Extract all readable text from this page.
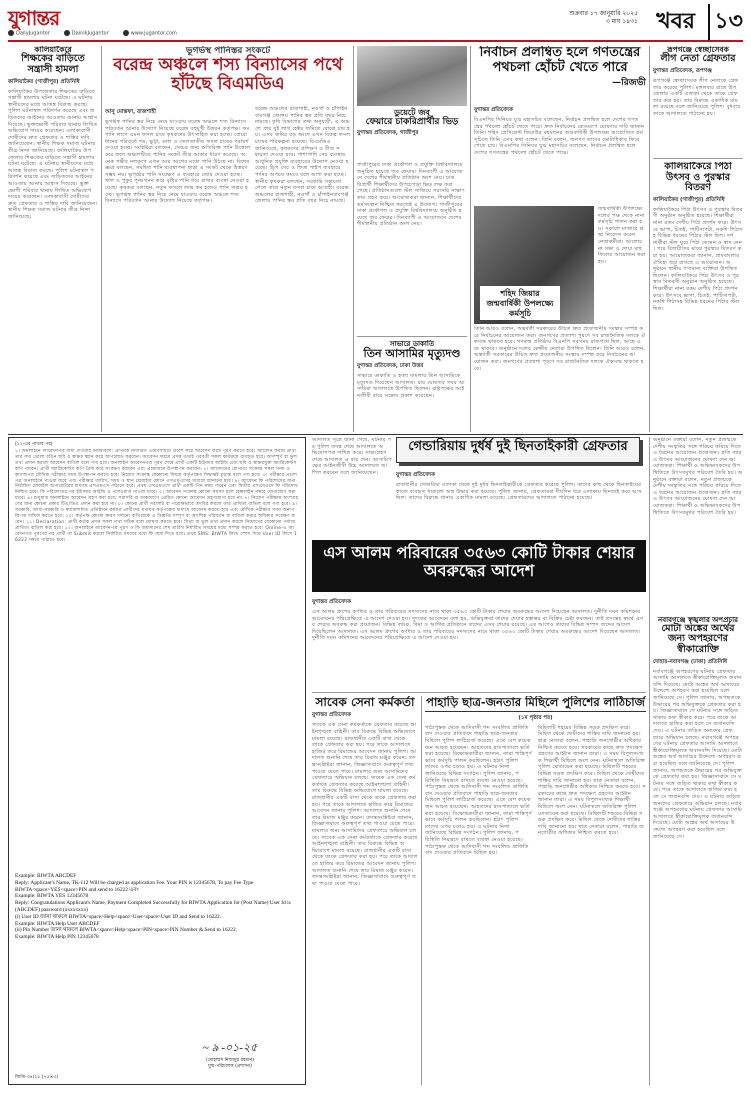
যুগান্তর	শুক্রবার ১৭ জানুয়ারি ২০২৫
৩ মাঘ ১৪৩১ খবর ১৩
DailyJugantor	DainikJugantor	www.jugantor.com
কালিয়াকৈরে
শিক্ষকের বাড়িতে সন্ত্রাসী হামলা
কালিয়াকৈর (গাজীপুর) প্রতিনিধি
কালিয়াকৈর উপজেলার শিক্ষকের বাড়িতে সন্ত্রাসী হামলার ঘটনা ঘটেছে। এ ঘটনায় স্থানীয়দের মধ্যে আতঙ্ক বিরাজ করছে। পুলিশ ঘটনাস্থল পরিদর্শন করেছে এবং জড়িতদের আইনের আওতায় আনার আশ্বাস দিয়েছে। ভুক্তভোগী পরিবার থানায় লিখিত অভিযোগ দায়ের করেছেন। এলাকাবাসী দোষীদের দ্রুত গ্রেফতার ও শাস্তির দাবি জানিয়েছেন। স্থানীয় শিক্ষক সমাজ ঘটনার তীব্র নিন্দা জানিয়েছে। কালিয়াকৈর উপজেলার শিক্ষকের বাড়িতে সন্ত্রাসী হামলার ঘটনা ঘটেছে। এ ঘটনায় স্থানীয়দের মধ্যে আতঙ্ক বিরাজ করছে। পুলিশ ঘটনাস্থল পরিদর্শন করেছে এবং জড়িতদের আইনের আওতায় আনার আশ্বাস দিয়েছে। ভুক্তভোগী পরিবার থানায় লিখিত অভিযোগ দায়ের করেছেন। এলাকাবাসী দোষীদের দ্রুত গ্রেফতার ও শাস্তির দাবি জানিয়েছেন। স্থানীয় শিক্ষক সমাজ ঘটনার তীব্র নিন্দা জানিয়েছে।
ভূগর্ভস্থ পানিস্তর সংকটে
বরেন্দ্র অঞ্চলে শস্য বিন্যাসের পথে হাঁটছে বিএমডিএ
আনু মোস্তফা, রাজশাহী
ভূগর্ভস্থ পানির স্তর নিচে নেমে যাওয়ায় বরেন্দ্র অঞ্চলে শস্য বিন্যাসে পরিবর্তন আনার উদ্যোগ নিয়েছে বরেন্দ্র বহুমুখী উন্নয়ন কর্তৃপক্ষ। কম পানি লাগে এমন ফসল চাষে কৃষকদের উৎসাহিত করা হচ্ছে। বোরো ধানের পরিবর্তে গম, ভুট্টা, ডাল ও তেলজাতীয় ফসল চাষের পরামর্শ দেওয়া হচ্ছে। সংশ্লিষ্টরা বলছেন, সেচের জন্য অতিরিক্ত পানি উত্তোলনের ফলে অঞ্চলটিতে পানির সংকট তীব্র আকার ধারণ করেছে। অনেক গভীর নলকূপে এখন আর আগের মতো পানি উঠছে না। বিশেষজ্ঞরা বলছেন, সমন্বিত পানি ব্যবস্থাপনা ছাড়া এ সংকট থেকে উত্তরণ সম্ভব নয়। ভূপৃষ্ঠের পানি সংরক্ষণ ও ব্যবহারে জোর দেওয়া হচ্ছে। খাল ও পুকুর পুনঃখনন করে বৃষ্টির পানি ধরে রাখার ব্যবস্থা নেওয়া হয়েছে। কৃষকরা বলছেন, নতুন ফসলে লাভ কম হলেও পানি সাশ্রয় হচ্ছে। ভূগর্ভস্থ পানির স্তর নিচে নেমে যাওয়ায় বরেন্দ্র অঞ্চলে শস্য বিন্যাসে পরিবর্তন আনার উদ্যোগ নিয়েছে কর্তৃপক্ষ।
বরেন্দ্র অঞ্চলের রাজশাহী, নওগাঁ ও চাঁপাইনবাবগঞ্জ জেলায় পানির স্তর প্রতি বছর নিচে নামছে। কৃষি বিভাগের তথ্য অনুযায়ী, এ অঞ্চলে প্রায় দুই লাখ হেক্টর জমিতে বোরো চাষ হয়। এসব জমির বড় অংশে এখন বিকল্প ফসল চাষের পরিকল্পনা রয়েছে। বিএমডিএ জানিয়েছে, কৃষকদের প্রশিক্ষণ ও বীজ সহায়তা দেওয়া হবে। পাশাপাশি সেচ ব্যবস্থায় আধুনিক প্রযুক্তি ব্যবহারের উদ্যোগ নেওয়া হয়েছে। ড্রিপ সেচ ও ফিতা পাইপ ব্যবহারে পানির অপচয় কমবে বলে আশা করা হচ্ছে। স্থানীয় কৃষকরা বলছেন, সরকারি সহায়তা পেলে তারা নতুন ফসল চাষে আগ্রহী। বরেন্দ্র অঞ্চলের রাজশাহী, নওগাঁ ও চাঁপাইনবাবগঞ্জ জেলায় পানির স্তর প্রতি বছর নিচে নামছে।
ডুয়েটে জব
ফেয়ারে চাকরিপ্রার্থীর ভিড়
যুগান্তর প্রতিবেদক, গাজীপুর
গাজীপুরের ঢাকা প্রকৌশল ও প্রযুক্তি বিশ্ববিদ্যালয়ে অনুষ্ঠিত হয়েছে জব ফেয়ার। দিনব্যাপী এ আয়োজনে দেশের শীর্ষস্থানীয় প্রতিষ্ঠান অংশ নেয়। চাকরিপ্রার্থী শিক্ষার্থীদের উপচেপড়া ভিড় লক্ষ করা গেছে। প্রতিষ্ঠানগুলো স্টল সাজিয়ে সরাসরি সাক্ষাৎকার গ্রহণ করে। আয়োজকরা জানান, শিক্ষার্থীদের কর্মসংস্থান নিশ্চিত করতেই এ উদ্যোগ। গাজীপুরের ঢাকা প্রকৌশল ও প্রযুক্তি বিশ্ববিদ্যালয়ে অনুষ্ঠিত হয়েছে জব ফেয়ার। দিনব্যাপী এ আয়োজনে দেশের শীর্ষস্থানীয় প্রতিষ্ঠান অংশ নেয়।
সাভারে ডাকাতি
তিন আসামির মৃত্যুদণ্ড
যুগান্তর প্রতিবেদক, ঢাকা উত্তর
সাভারে ডাকাতি ও হত্যা মামলায় তিন আসামিকে মৃত্যুদণ্ড দিয়েছেন আদালত। রায় ঘোষণার সময় আসামিরা আদালতে উপস্থিত ছিলেন। রাষ্ট্রপক্ষের আইনজীবী রায়ে সন্তোষ প্রকাশ করেছেন।
নির্বাচন প্রলম্বিত হলে গণতন্ত্রের পথচলা হোঁচট খেতে পারে
—রিজভী
যুগান্তর প্রতিবেদক
বিএনপির সিনিয়র যুগ্ম মহাসচিব বলেছেন, নির্বাচন প্রলম্বিত হলে দেশের গণতন্ত্রের পথচলা হোঁচট খেতে পারে। দ্রুত নির্বাচনের রোডম্যাপ ঘোষণার দাবি জানান তিনি। শহিদ প্রেসিডেন্ট জিয়াউর রহমানের জন্মবার্ষিকী উপলক্ষ্যে আয়োজিত কর্মসূচিতে তিনি এসব কথা বলেন। তিনি বলেন, জনগণ তাদের ভোটাধিকার ফিরে পেতে চায়। বিএনপির সিনিয়র যুগ্ম মহাসচিব বলেছেন, নির্বাচন প্রলম্বিত হলে দেশের গণতন্ত্রের পথচলা হোঁচট খেতে পারে।
শহিদ জিয়ার জন্মবার্ষিকী উপলক্ষ্যে কর্মসূচি
জন্মবার্ষিকী উপলক্ষ্যে দলের পক্ষ থেকে নানা কর্মসূচি পালন করা হয়। সকালে মাজারে শ্রদ্ধা নিবেদন করেন নেতাকর্মীরা। আলোচনা সভা ও দোয়া মাহফিলের আয়োজন করা হয়।
তিনি আরও বলেন, অন্তর্বর্তী সরকারের উচিত দ্রুত প্রয়োজনীয় সংস্কার সম্পন্ন করে নির্বাচনের আয়োজন করা। জনগণের প্রত্যাশা পূরণে সব রাজনৈতিক দলকে ঐক্যবদ্ধ থাকতে হবে। গণতন্ত্র প্রতিষ্ঠায় বিএনপি সবসময় রাজপথে ছিল, আছে এবং থাকবে। অনুষ্ঠানে দলের কেন্দ্রীয় নেতারা উপস্থিত ছিলেন। তিনি আরও বলেন, অন্তর্বর্তী সরকারের উচিত দ্রুত প্রয়োজনীয় সংস্কার সম্পন্ন করে নির্বাচনের আয়োজন করা। জনগণের প্রত্যাশা পূরণে সব রাজনৈতিক দলকে ঐক্যবদ্ধ থাকতে হবে।
রূপগঞ্জে স্বেচ্ছাসেবক
লীগ নেতা গ্রেফতার
যুগান্তর প্রতিবেদক, রূপগঞ্জ
রূপগঞ্জে স্বেচ্ছাসেবক লীগ নেতাকে গ্রেফতার করেছে পুলিশ। মঙ্গলবার রাতে উপজেলার একটি এলাকা থেকে তাকে গ্রেফতার করা হয়। তার বিরুদ্ধে একাধিক মামলা রয়েছে বলে জানিয়েছে পুলিশ। বুধবার তাকে আদালতে পাঠানো হয়।
কালিয়াকৈরে পিঠা উৎসব ও পুরস্কার বিতরণ
কালিয়াকৈর (গাজীপুর) প্রতিনিধি
কালিয়াকৈরে পিঠা উৎসব ও পুরস্কার বিতরণী অনুষ্ঠান অনুষ্ঠিত হয়েছে। শিক্ষার্থীরা নানা রকম দেশীয় পিঠা প্রদর্শন করে। উৎসবে ভাপা, চিতই, পাটিসাপটা, নকশি পিঠাসহ বিভিন্ন ধরনের পিঠার স্টল ছিল। দর্শনার্থীরা স্টল ঘুরে পিঠা কেনেন ও স্বাদ নেন। পরে বিজয়ীদের মাঝে পুরস্কার বিতরণ করা হয়। আয়োজকরা জানান, গ্রামবাংলার ঐতিহ্য ধরে রাখতে এ আয়োজন। অনুষ্ঠানে স্থানীয় গণ্যমান্য ব্যক্তিরা উপস্থিত ছিলেন। কালিয়াকৈরে পিঠা উৎসব ও পুরস্কার বিতরণী অনুষ্ঠান অনুষ্ঠিত হয়েছে। শিক্ষার্থীরা নানা রকম দেশীয় পিঠা প্রদর্শন করে। উৎসবে ভাপা, চিতই, পাটিসাপটা, নকশি পিঠাসহ বিভিন্ন ধরনের পিঠার স্টল ছিল।
(১২-এর পাতার পর)
১। অনলাইনে আবেদনপত্র জমা দেওয়ার নিয়মাবলি: প্রার্থীকে নির্ধারিত ওয়েবসাইটে প্রবেশ করে আবেদন ফরম পূরণ করতে হবে। আবেদন ফরমে প্রার্থী তার সদ্য তোলা রঙিন ছবি ও স্বাক্ষর স্ক্যান করে আপলোড করবেন। আবেদন ফরমে প্রদত্ত তথ্যই পরবর্তী সকল কার্যক্রমে ব্যবহৃত হবে। অসম্পূর্ণ বা ভুল তথ্য প্রদান করলে আবেদন বাতিল বলে গণ্য হবে। অনলাইন আবেদনপত্র পূরণ শেষে প্রার্থী একটি ইউজার আইডি এবং ছবি ও স্বাক্ষরযুক্ত অ্যাপ্লিকেন্টস কপি পাবেন। প্রার্থী অ্যাপ্লিকেন্টস কপি প্রিন্ট করে সংরক্ষণ করবেন এবং প্রয়োজনে উপস্থাপন করবেন। ২। আবেদনের যোগ্যতা সংক্রান্ত সকল সনদ ও কাগজপত্র মৌখিক পরীক্ষার সময় উপস্থাপন করতে হবে। নিয়োগ সংক্রান্ত যেকোনো বিষয়ে কর্তৃপক্ষের সিদ্ধান্তই চূড়ান্ত বলে গণ্য হবে। ৩। পরীক্ষার প্রবেশপত্র অনলাইনে পাওয়া যাবে এবং পরীক্ষার তারিখ, সময় ও স্থান মোবাইল ফোনে এসএমএসের মাধ্যমে জানানো হবে। ৪। আবেদন ফি পরিশোধের জন্য নির্ধারিত মোবাইল অপারেটরের মাধ্যমে এসএমএস পাঠাতে হবে। প্রথম এসএমএসে প্রার্থী একটি পিন নম্বর পাবেন এবং দ্বিতীয় এসএমএসে ফি পরিশোধ নিশ্চিত হবে। ফি পরিশোধের পর ইউজার আইডি ও পাসওয়ার্ড পাওয়া যাবে। ৫। আবেদন সংক্রান্ত কোনো সমস্যা হলে হেল্পলাইন নম্বরে যোগাযোগ করা যাবে। ৬। শুধুমাত্র অনলাইনে আবেদন গ্রহণ করা হবে; সরাসরি বা ডাকযোগে প্রেরিত কোনো আবেদন গ্রহণযোগ্য হবে না। ৭। নিয়োগ পরীক্ষায় অংশগ্রহণের জন্য কোনো প্রকার টিএ/ডিএ প্রদান করা হবে না। ৮। কোনো প্রার্থী সরাসরি বা পরোক্ষভাবে তদবির করলে তার প্রার্থিতা বাতিল বলে গণ্য হবে। ৯। সরকারি, আধা-সরকারি ও স্বায়ত্তশাসিত প্রতিষ্ঠানে কর্মরত প্রার্থীদের যথাযথ কর্তৃপক্ষের মাধ্যমে আবেদন করতে হবে এবং মৌখিক পরীক্ষার সময় অনাপত্তিপত্র দাখিল করতে হবে। ১০। কর্তৃপক্ষ কোনো কারণ দর্শানো ব্যতিরেকে এ বিজ্ঞপ্তি সম্পূর্ণ বা আংশিক পরিবর্তন বা বাতিল করার অধিকার সংরক্ষণ করেন। ১১। Declaration: প্রার্থী কর্তৃক প্রদত্ত সকল তথ্য সঠিক বলে ঘোষণা করতে হবে। মিথ্যা বা ভুল তথ্য প্রদান করলে নিয়োগের যেকোনো পর্যায়ে প্রার্থিতা বাতিল করা হবে। ১২। অনলাইনে আবেদনপত্র পূরণ ও ফি জমাদানের শেষ তারিখ নির্ধারিত সময়ের মধ্যে সম্পন্ন করতে হবে। Online-এ আবেদনপত্র পূরণের পর প্রার্থী তা Submit করলে নির্ধারিত সময়ের মধ্যে ফি জমা দিতে হবে। প্রথম SMS: BIWTA লিখে স্পেস দিয়ে User ID লিখে 16222 নম্বরে পাঠাতে হবে।
Example: BIWTA ABCDEF
Reply: Applicant's Name, TK-112 Will be charged as application Fee. Your PIN is 12345678, To pay Fee Type BIWTA<space>YES<space>PIN and send to 16222 এবং
Example: BIWTA YES 12345678
Reply: Congratulations Applicant's Name, Payment Completed Successfully for BIWTA Application for (Post Name) User Id is (ABCDEF) password (xxxxxxxx)
(i) User ID জানা থাকলে BIWTA<space>Help<space>User<space>User ID and Send to 16222.
Example: BIWTA Help User ABCDEF
(ii) Pin Number জানা থাকলে BIWTA<space>Help<space>PIN<space>PIN Number & Send to 16222.
Example: BIWTA Help PIN 12345678
~ ৯ -০১-২৫
(মোহাম্মদ নিজামুর রহমান)
যুগ্ম-পরিচালক (প্রশাসন)
জিডি-৩৪/২৫ (৭৫×৩)
আদালত সূত্রে জানা গেছে, ঘটনার পর পুলিশ তদন্ত শেষে আদালতে অভিযোগপত্র দাখিল করে। সাক্ষ্যগ্রহণ শেষে আদালত এ রায় দেন। আসামিপক্ষের আইনজীবী উচ্চ আদালতে আপিল করবেন বলে জানিয়েছেন।
গেন্ডারিয়ায় দুর্ধর্ষ দুই ছিনতাইকারী গ্রেফতার
যুগান্তর প্রতিবেদক
রাজধানীর গেন্ডারিয়া এলাকা থেকে দুই দুর্ধর্ষ ছিনতাইকারীকে গ্রেফতার করেছে পুলিশ। তাদের কাছ থেকে ছিনতাইয়ের কাজে ব্যবহৃত ধারালো অস্ত্র উদ্ধার করা হয়েছে। পুলিশ জানায়, গ্রেফতাররা দীর্ঘদিন ধরে এলাকায় ছিনতাই করে আসছিল। তাদের বিরুদ্ধে থানায় একাধিক মামলা রয়েছে। গ্রেফতারদের আদালতে পাঠানো হয়েছে।
এস আলম পরিবারের ৩৫৬৩ কোটি টাকার শেয়ার অবরুদ্ধের আদেশ
যুগান্তর প্রতিবেদক
এস আলম গ্রুপের কর্ণধার ও তার পরিবারের সদস্যদের নামে থাকা ৩৫৬৩ কোটি টাকার শেয়ার অবরুদ্ধের আদেশ দিয়েছেন আদালত। দুর্নীতি দমন কমিশনের আবেদনের পরিপ্রেক্ষিতে এ আদেশ দেওয়া হয়। দুদকের আবেদনে বলা হয়, অভিযুক্তরা তাদের শেয়ার হস্তান্তর বা বিক্রির চেষ্টা করছেন। তাই তদন্তের স্বার্থে এসব শেয়ার অবরুদ্ধ করা প্রয়োজন। বিভিন্ন ব্যাংক, বিমা ও আর্থিক প্রতিষ্ঠানে তাদের এসব শেয়ার রয়েছে। এর আগেও তাদের বিভিন্ন সম্পদ জব্দের আদেশ দিয়েছিলেন আদালত। এস আলম গ্রুপের কর্ণধার ও তার পরিবারের সদস্যদের নামে থাকা ৩৫৬৩ কোটি টাকার শেয়ার অবরুদ্ধের আদেশ দিয়েছেন আদালত। দুর্নীতি দমন কমিশনের আবেদনের পরিপ্রেক্ষিতে এ আদেশ দেওয়া হয়।
সাবেক সেনা কর্মকর্তা
যুগান্তর প্রতিবেদক
সাবেক এক সেনা কর্মকর্তাকে গ্রেফতার করেছে আইনশৃঙ্খলা বাহিনী। তার বিরুদ্ধে বিভিন্ন অভিযোগে মামলা রয়েছে। রাজধানীর একটি বাসা থেকে তাকে গ্রেফতার করা হয়। পরে তাকে আদালতে হাজির করে রিমান্ডের আবেদন জানায় পুলিশ। আদালত শুনানি শেষে তার রিমান্ড মঞ্জুর করেন। তদন্তসংশ্লিষ্টরা জানান, জিজ্ঞাসাবাদে গুরুত্বপূর্ণ তথ্য পাওয়া যেতে পারে। মামলার অন্য আসামিদের গ্রেফতারে অভিযান চলছে। সাবেক এক সেনা কর্মকর্তাকে গ্রেফতার করেছে আইনশৃঙ্খলা বাহিনী। তার বিরুদ্ধে বিভিন্ন অভিযোগে মামলা রয়েছে। রাজধানীর একটি বাসা থেকে তাকে গ্রেফতার করা হয়। পরে তাকে আদালতে হাজির করে রিমান্ডের আবেদন জানায় পুলিশ। আদালত শুনানি শেষে তার রিমান্ড মঞ্জুর করেন। তদন্তসংশ্লিষ্টরা জানান, জিজ্ঞাসাবাদে গুরুত্বপূর্ণ তথ্য পাওয়া যেতে পারে। মামলার অন্য আসামিদের গ্রেফতারে অভিযান চলছে। সাবেক এক সেনা কর্মকর্তাকে গ্রেফতার করেছে আইনশৃঙ্খলা বাহিনী। তার বিরুদ্ধে বিভিন্ন অভিযোগে মামলা রয়েছে। রাজধানীর একটি বাসা থেকে তাকে গ্রেফতার করা হয়। পরে তাকে আদালতে হাজির করে রিমান্ডের আবেদন জানায় পুলিশ। আদালত শুনানি শেষে তার রিমান্ড মঞ্জুর করেন। তদন্তসংশ্লিষ্টরা জানান, জিজ্ঞাসাবাদে গুরুত্বপূর্ণ তথ্য পাওয়া যেতে পারে।
পাহাড়ি ছাত্র-জনতার মিছিলে পুলিশের লাঠিচার্জ
(১ম পৃষ্ঠার পর)
পাঠ্যপুস্তক থেকে আদিবাসী শব্দ সংবলিত গ্রাফিতি বাদ দেওয়ার প্রতিবাদে পাহাড়ি ছাত্র-জনতার মিছিলে পুলিশ লাঠিচার্জ করেছে। এতে বেশ কয়েকজন আহত হয়েছেন। আহতদের হাসপাতালে ভর্তি করা হয়েছে। বিক্ষোভকারীরা জানান, তারা শান্তিপূর্ণভাবে কর্মসূচি পালন করছিলেন। হঠাৎ পুলিশ তাদের ওপর চড়াও হয়। এ ঘটনার নিন্দা জানিয়েছে বিভিন্ন সংগঠন। পুলিশ জানায়, পরিস্থিতি নিয়ন্ত্রণে রাখতে ব্যবস্থা নেওয়া হয়েছে। পাঠ্যপুস্তক থেকে আদিবাসী শব্দ সংবলিত গ্রাফিতি বাদ দেওয়ার প্রতিবাদে পাহাড়ি ছাত্র-জনতার মিছিলে পুলিশ লাঠিচার্জ করেছে। এতে বেশ কয়েকজন আহত হয়েছেন। আহতদের হাসপাতালে ভর্তি করা হয়েছে। বিক্ষোভকারীরা জানান, তারা শান্তিপূর্ণভাবে কর্মসূচি পালন করছিলেন। হঠাৎ পুলিশ তাদের ওপর চড়াও হয়। এ ঘটনার নিন্দা জানিয়েছে বিভিন্ন সংগঠন। পুলিশ জানায়, পরিস্থিতি নিয়ন্ত্রণে রাখতে ব্যবস্থা নেওয়া হয়েছে। পাঠ্যপুস্তক থেকে আদিবাসী শব্দ সংবলিত গ্রাফিতি বাদ দেওয়ার প্রতিবাদে মিছিল হয়।
মিছিলটি শহরের বিভিন্ন সড়ক প্রদক্ষিণ করে। মিছিল থেকে দোষীদের শাস্তির দাবি জানানো হয়। ছাত্র নেতারা বলেন, পাহাড়ি জনগোষ্ঠীর অধিকার নিশ্চিত করতে হবে। সরকারের কাছে দ্রুত পদক্ষেপ গ্রহণের আহ্বান জানান তারা। এ সময় বিপুলসংখ্যক শিক্ষার্থী মিছিলে অংশ নেন। ঘটনাস্থলে অতিরিক্ত পুলিশ মোতায়েন করা হয়েছে। মিছিলটি শহরের বিভিন্ন সড়ক প্রদক্ষিণ করে। মিছিল থেকে দোষীদের শাস্তির দাবি জানানো হয়। ছাত্র নেতারা বলেন, পাহাড়ি জনগোষ্ঠীর অধিকার নিশ্চিত করতে হবে। সরকারের কাছে দ্রুত পদক্ষেপ গ্রহণের আহ্বান জানান তারা। এ সময় বিপুলসংখ্যক শিক্ষার্থী মিছিলে অংশ নেন। ঘটনাস্থলে অতিরিক্ত পুলিশ মোতায়েন করা হয়েছে। মিছিলটি শহরের বিভিন্ন সড়ক প্রদক্ষিণ করে। মিছিল থেকে দোষীদের শাস্তির দাবি জানানো হয়। ছাত্র নেতারা বলেন, পাহাড়ি জনগোষ্ঠীর অধিকার নিশ্চিত করতে হবে।
অনুষ্ঠানে বক্তারা বলেন, নতুন প্রজন্মকে দেশীয় সংস্কৃতির সঙ্গে পরিচয় করিয়ে দিতে এ ধরনের আয়োজন প্রয়োজন। প্রতি বছর এ উৎসব আয়োজনের ঘোষণা দেন আয়োজকরা। শিক্ষার্থী ও অভিভাবকদের উপস্থিতিতে উৎসবমুখর পরিবেশ তৈরি হয়। অনুষ্ঠানে বক্তারা বলেন, নতুন প্রজন্মকে দেশীয় সংস্কৃতির সঙ্গে পরিচয় করিয়ে দিতে এ ধরনের আয়োজন প্রয়োজন। প্রতি বছর এ উৎসব আয়োজনের ঘোষণা দেন আয়োজকরা। শিক্ষার্থী ও অভিভাবকদের উপস্থিতিতে উৎসবমুখর পরিবেশ তৈরি হয়।
নবাবগঞ্জে স্বৃঙ্খলার অপপ্রচার
মোটা অঙ্কের অর্থের জন্য অপহরণের স্বীকারোক্তি
দোহার-নবাবগঞ্জ (ঢাকা) প্রতিনিধি
নবাবগঞ্জে অপহরণের ঘটনায় গ্রেফতার আসামি আদালতে স্বীকারোক্তিমূলক জবানবন্দি দিয়েছে। মোটা অঙ্কের অর্থ আদায়ের উদ্দেশ্যে অপহরণ করা হয়েছিল বলে জানিয়েছে সে। পুলিশ জানায়, অপহৃতকে উদ্ধারের পর অভিযুক্তকে গ্রেফতার করা হয়। জিজ্ঞাসাবাদে সে ঘটনার সঙ্গে জড়িত থাকার কথা স্বীকার করে। পরে তাকে আদালতে হাজির করা হলে সে জবানবন্দি দেয়। এ ঘটনায় জড়িত অন্যদের গ্রেফতারে অভিযান চলছে। নবাবগঞ্জে অপহরণের ঘটনায় গ্রেফতার আসামি আদালতে স্বীকারোক্তিমূলক জবানবন্দি দিয়েছে। মোটা অঙ্কের অর্থ আদায়ের উদ্দেশ্যে অপহরণ করা হয়েছিল বলে জানিয়েছে সে। পুলিশ জানায়, অপহৃতকে উদ্ধারের পর অভিযুক্তকে গ্রেফতার করা হয়। জিজ্ঞাসাবাদে সে ঘটনার সঙ্গে জড়িত থাকার কথা স্বীকার করে। পরে তাকে আদালতে হাজির করা হলে সে জবানবন্দি দেয়। এ ঘটনায় জড়িত অন্যদের গ্রেফতারে অভিযান চলছে। নবাবগঞ্জে অপহরণের ঘটনায় গ্রেফতার আসামি আদালতে স্বীকারোক্তিমূলক জবানবন্দি দিয়েছে। মোটা অঙ্কের অর্থ আদায়ের উদ্দেশ্যে অপহরণ করা হয়েছিল বলে জানিয়েছে সে।
